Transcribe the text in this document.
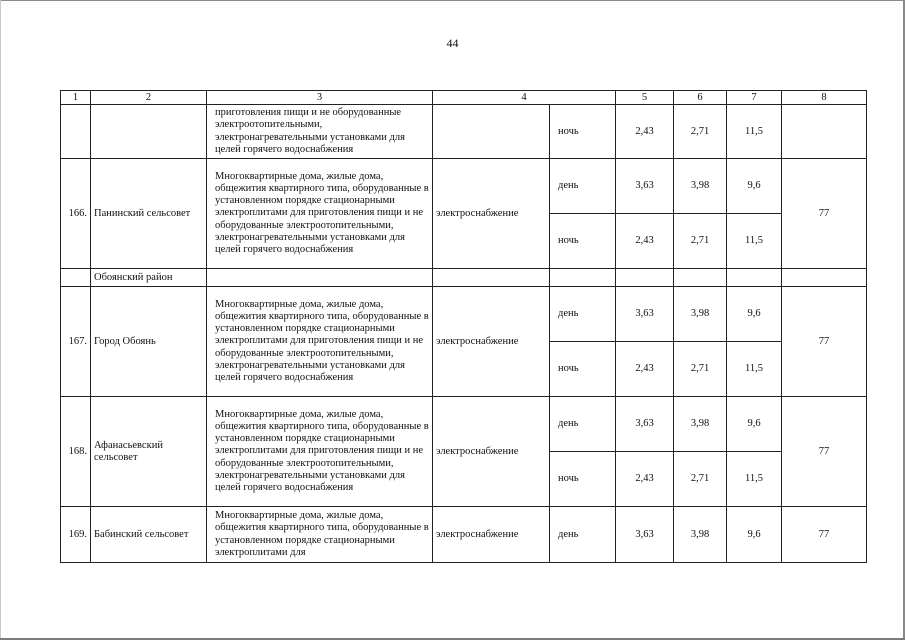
44
1	2	3	4		5	6	7	8
		приготовления пищи и не оборудованные электроотопительными, электронагревательными установками для целей горячего водоснабжения		ночь	2,43	2,71	11,5	
166.	Панинский сельсовет	Многоквартирные дома, жилые дома, общежития квартирного типа, оборудованные в установленном порядке стационарными электроплитами для приготовления пищи и не оборудованные электроотопительными, электронагревательными установками для целей горячего водоснабжения	электроснабжение	день	3,63	3,98	9,6	77
				ночь	2,43	2,71	11,5	
	Обоянский район							
167.	Город Обоянь	Многоквартирные дома, жилые дома, общежития квартирного типа, оборудованные в установленном порядке стационарными электроплитами для приготовления пищи и не оборудованные электроотопительными, электронагревательными установками для целей горячего водоснабжения	электроснабжение	день	3,63	3,98	9,6	77
				ночь	2,43	2,71	11,5	
168.	Афанасьевский сельсовет	Многоквартирные дома, жилые дома, общежития квартирного типа, оборудованные в установленном порядке стационарными электроплитами для приготовления пищи и не оборудованные электроотопительными, электронагревательными установками для целей горячего водоснабжения	электроснабжение	день	3,63	3,98	9,6	77
				ночь	2,43	2,71	11,5	
169.	Бабинский сельсовет	Многоквартирные дома, жилые дома, общежития квартирного типа, оборудованные в установленном порядке стационарными электроплитами для	электроснабжение	день	3,63	3,98	9,6	77
